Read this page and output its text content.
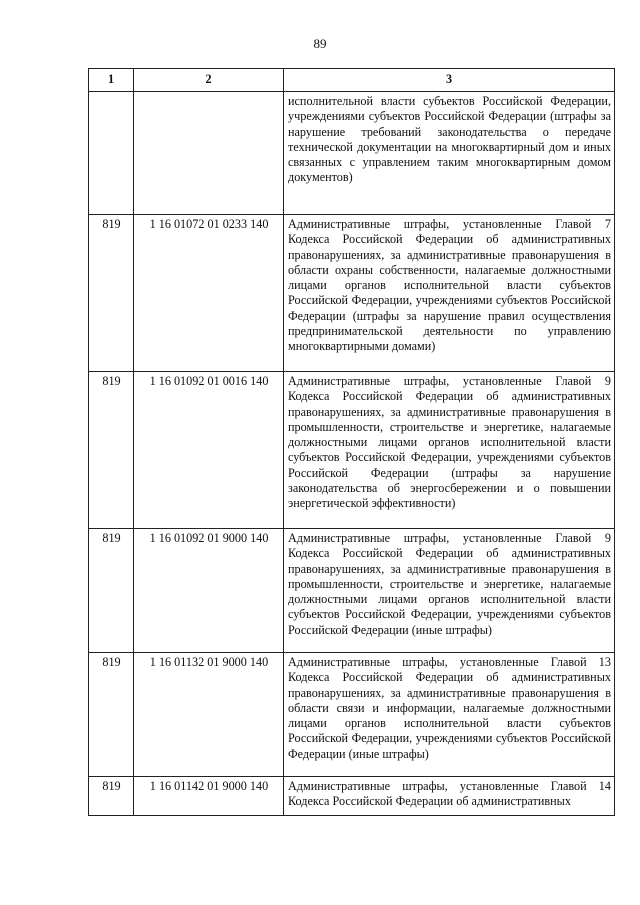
89
1	2	3
		исполнительной власти субъектов Российской Федерации, учреждениями субъектов Российской Федерации (штрафы за нарушение требований законодательства о передаче технической документации на многоквартирный дом и иных связанных с управлением таким многоквартирным домом документов)
819	1 16 01072 01 0233 140	Административные штрафы, установленные Главой 7 Кодекса Российской Федерации об административных правонарушениях, за административные правонарушения в области охраны собственности, налагаемые должностными лицами органов исполнительной власти субъектов Российской Федерации, учреждениями субъектов Российской Федерации (штрафы за нарушение правил осуществления предпринимательской деятельности по управлению многоквартирными домами)
819	1 16 01092 01 0016 140	Административные штрафы, установленные Главой 9 Кодекса Российской Федерации об административных правонарушениях, за административные правонарушения в промышленности, строительстве и энергетике, налагаемые должностными лицами органов исполнительной власти субъектов Российской Федерации, учреждениями субъектов Российской Федерации (штрафы за нарушение законодательства об энергосбережении и о повышении энергетической эффективности)
819	1 16 01092 01 9000 140	Административные штрафы, установленные Главой 9 Кодекса Российской Федерации об административных правонарушениях, за административные правонарушения в промышленности, строительстве и энергетике, налагаемые должностными лицами органов исполнительной власти субъектов Российской Федерации, учреждениями субъектов Российской Федерации (иные штрафы)
819	1 16 01132 01 9000 140	Административные штрафы, установленные Главой 13 Кодекса Российской Федерации об административных правонарушениях, за административные правонарушения в области связи и информации, налагаемые должностными лицами органов исполнительной власти субъектов Российской Федерации, учреждениями субъектов Российской Федерации (иные штрафы)
819	1 16 01142 01 9000 140	Административные штрафы, установленные Главой 14 Кодекса Российской Федерации об административных
